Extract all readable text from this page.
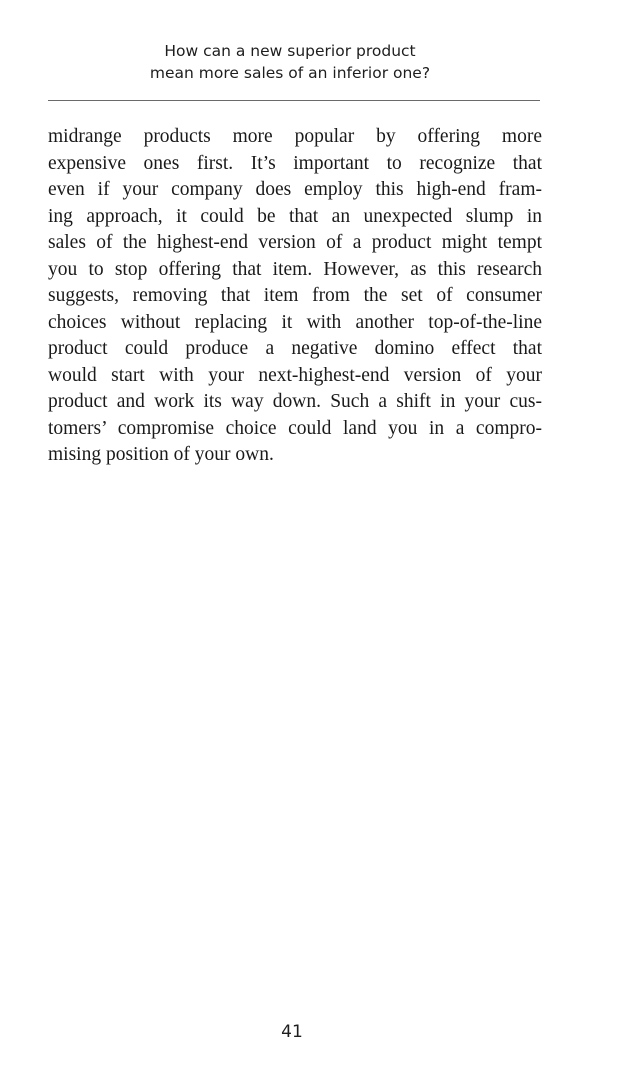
How can a new superior product
mean more sales of an inferior one?
midrange products more popular by offering more
expensive ones first. It’s important to recognize that
even if your company does employ this high-end fram-
ing approach, it could be that an unexpected slump in
sales of the highest-end version of a product might tempt
you to stop offering that item. However, as this research
suggests, removing that item from the set of consumer
choices without replacing it with another top-of-the-line
product could produce a negative domino effect that
would start with your next-highest-end version of your
product and work its way down. Such a shift in your cus-
tomers’ compromise choice could land you in a compro-
mising position of your own.
41
